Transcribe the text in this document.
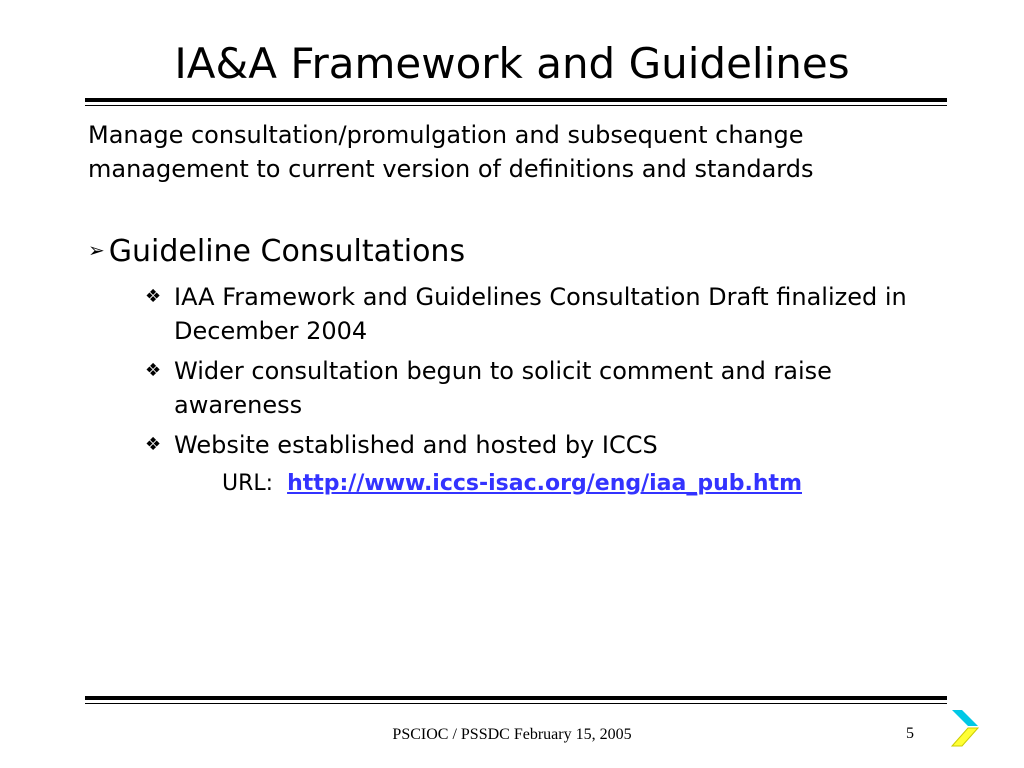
IA&A Framework and Guidelines
Manage consultation/promulgation and subsequent change management to current version of definitions and standards
➢ Guideline Consultations
❖ IAA Framework and Guidelines Consultation Draft finalized in December 2004
❖ Wider consultation begun to solicit comment and raise awareness
❖ Website established and hosted by ICCS
URL: http://www.iccs-isac.org/eng/iaa_pub.htm
PSCIOC / PSSDC February 15, 2005	5
